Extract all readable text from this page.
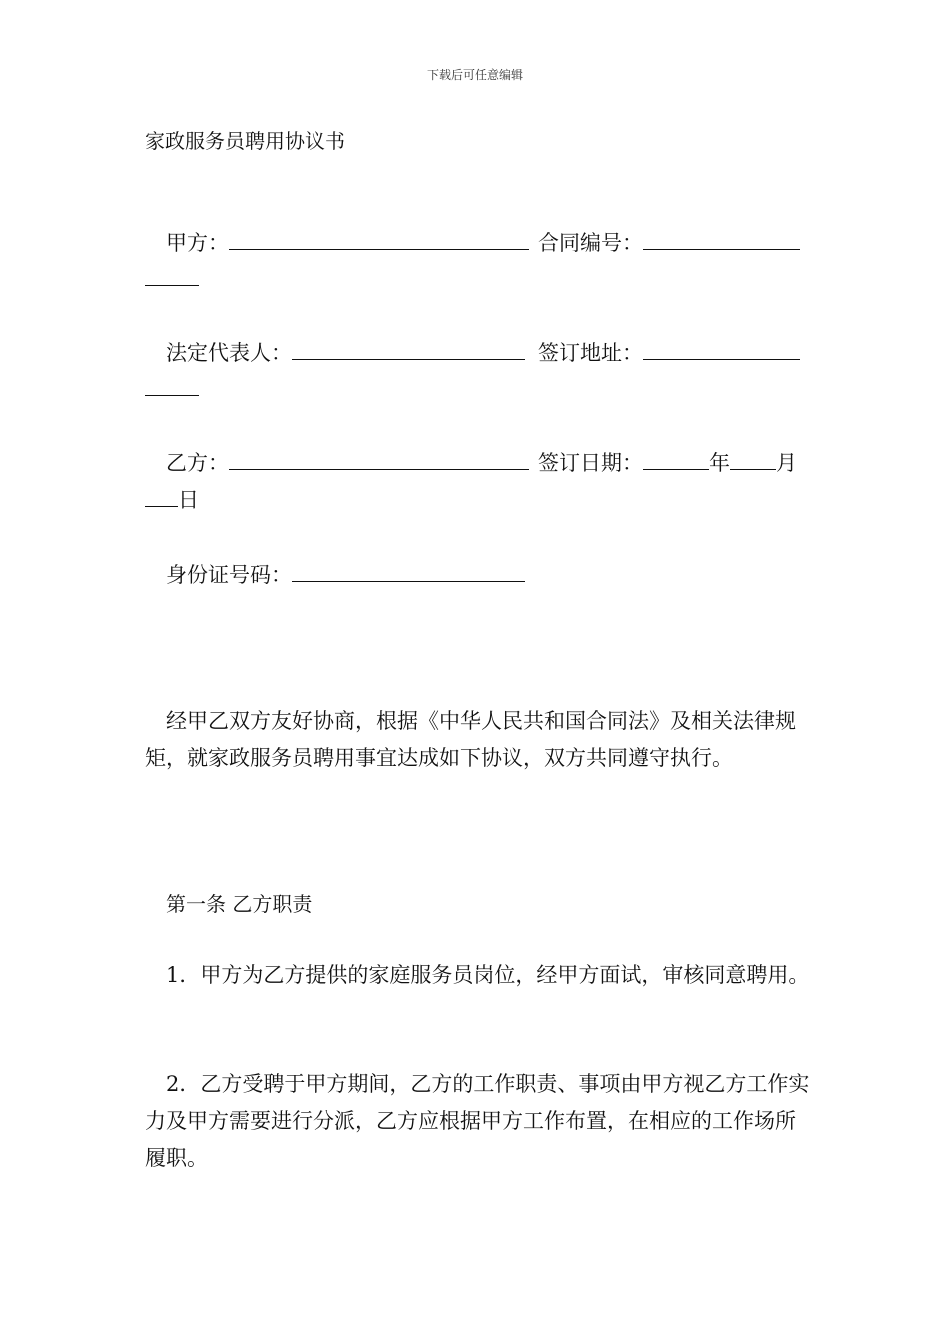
下载后可任意编辑
家政服务员聘用协议书
甲方：	合同编号：
法定代表人：	签订地址：
乙方：	签订日期：	年 月
日
身份证号码：
经甲乙双方友好协商，根据《中华人民共和国合同法》及相关法律规矩，就家政服务员聘用事宜达成如下协议，双方共同遵守执行。
第一条 乙方职责
1．甲方为乙方提供的家庭服务员岗位，经甲方面试，审核同意聘用。
2．乙方受聘于甲方期间，乙方的工作职责、事项由甲方视乙方工作实力及甲方需要进行分派，乙方应根据甲方工作布置，在相应的工作场所履职。
